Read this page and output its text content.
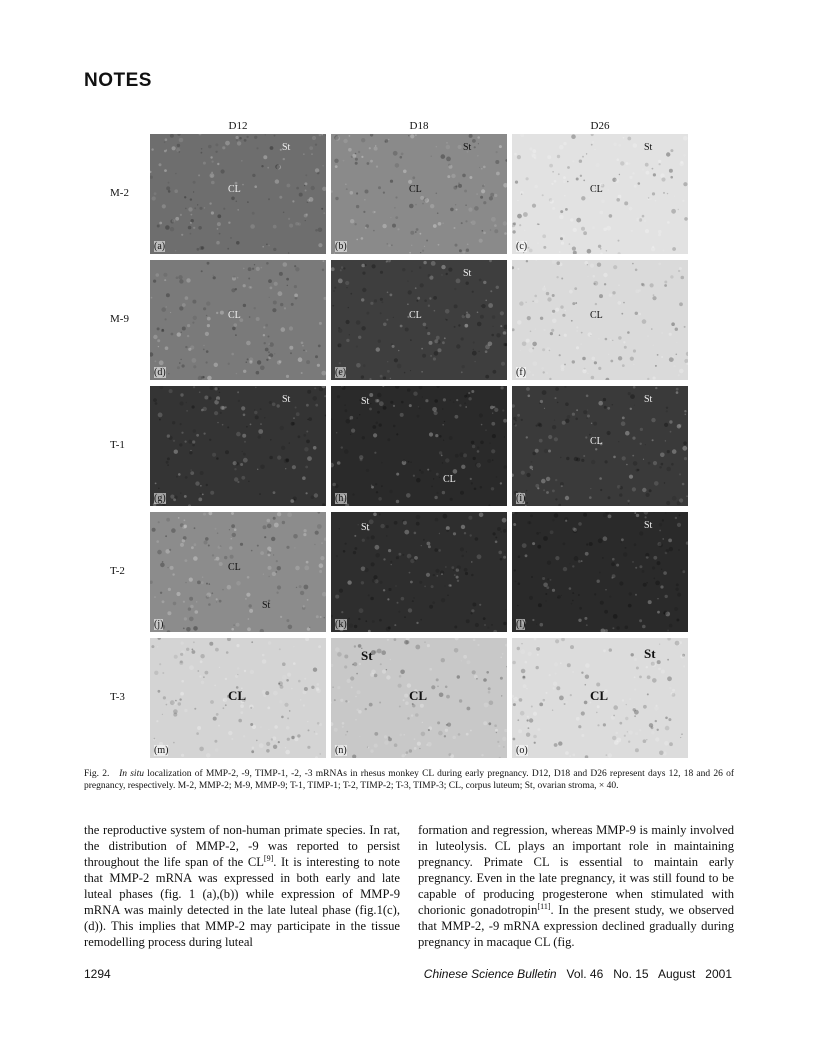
NOTES
D12	D18	D26
M-2
M-9
T-1
T-2
T-3
(a)
St
CL
(b)
St
CL
(c)
St
CL
(d)
CL
(e)
St
CL
(f)
CL
(g)
St
(h)
St
CL
(i)
St
CL
(j)
CL
St
(k)
St
(l)
St
(m)
CL
(n)
St
CL
(o)
CL
St
Fig. 2. In situ localization of MMP-2, -9, TIMP-1, -2, -3 mRNAs in rhesus monkey CL during early pregnancy. D12, D18 and D26 represent days 12, 18 and 26 of pregnancy, respectively. M-2, MMP-2; M-9, MMP-9; T-1, TIMP-1; T-2, TIMP-2; T-3, TIMP-3; CL, corpus luteum; St, ovarian stroma, × 40.

the reproductive system of non-human primate species. In rat, the distribution of MMP-2, -9 was reported to persist throughout the life span of the CL[9]. It is interesting to note that MMP-2 mRNA was expressed in both early and late luteal phases (fig. 1 (a),(b)) while expression of MMP-9 mRNA was mainly detected in the late luteal phase (fig.1(c), (d)). This implies that MMP-2 may participate in the tissue remodelling process during luteal

formation and regression, whereas MMP-9 is mainly involved in luteolysis. CL plays an important role in maintaining pregnancy. Primate CL is essential to maintain early pregnancy. Even in the late pregnancy, it was still found to be capable of producing progesterone when stimulated with chorionic gonadotropin[11]. In the present study, we observed that MMP-2, -9 mRNA expression declined gradually during pregnancy in macaque CL (fig.

1294	Chinese Science Bulletin   Vol. 46   No. 15   August   2001
